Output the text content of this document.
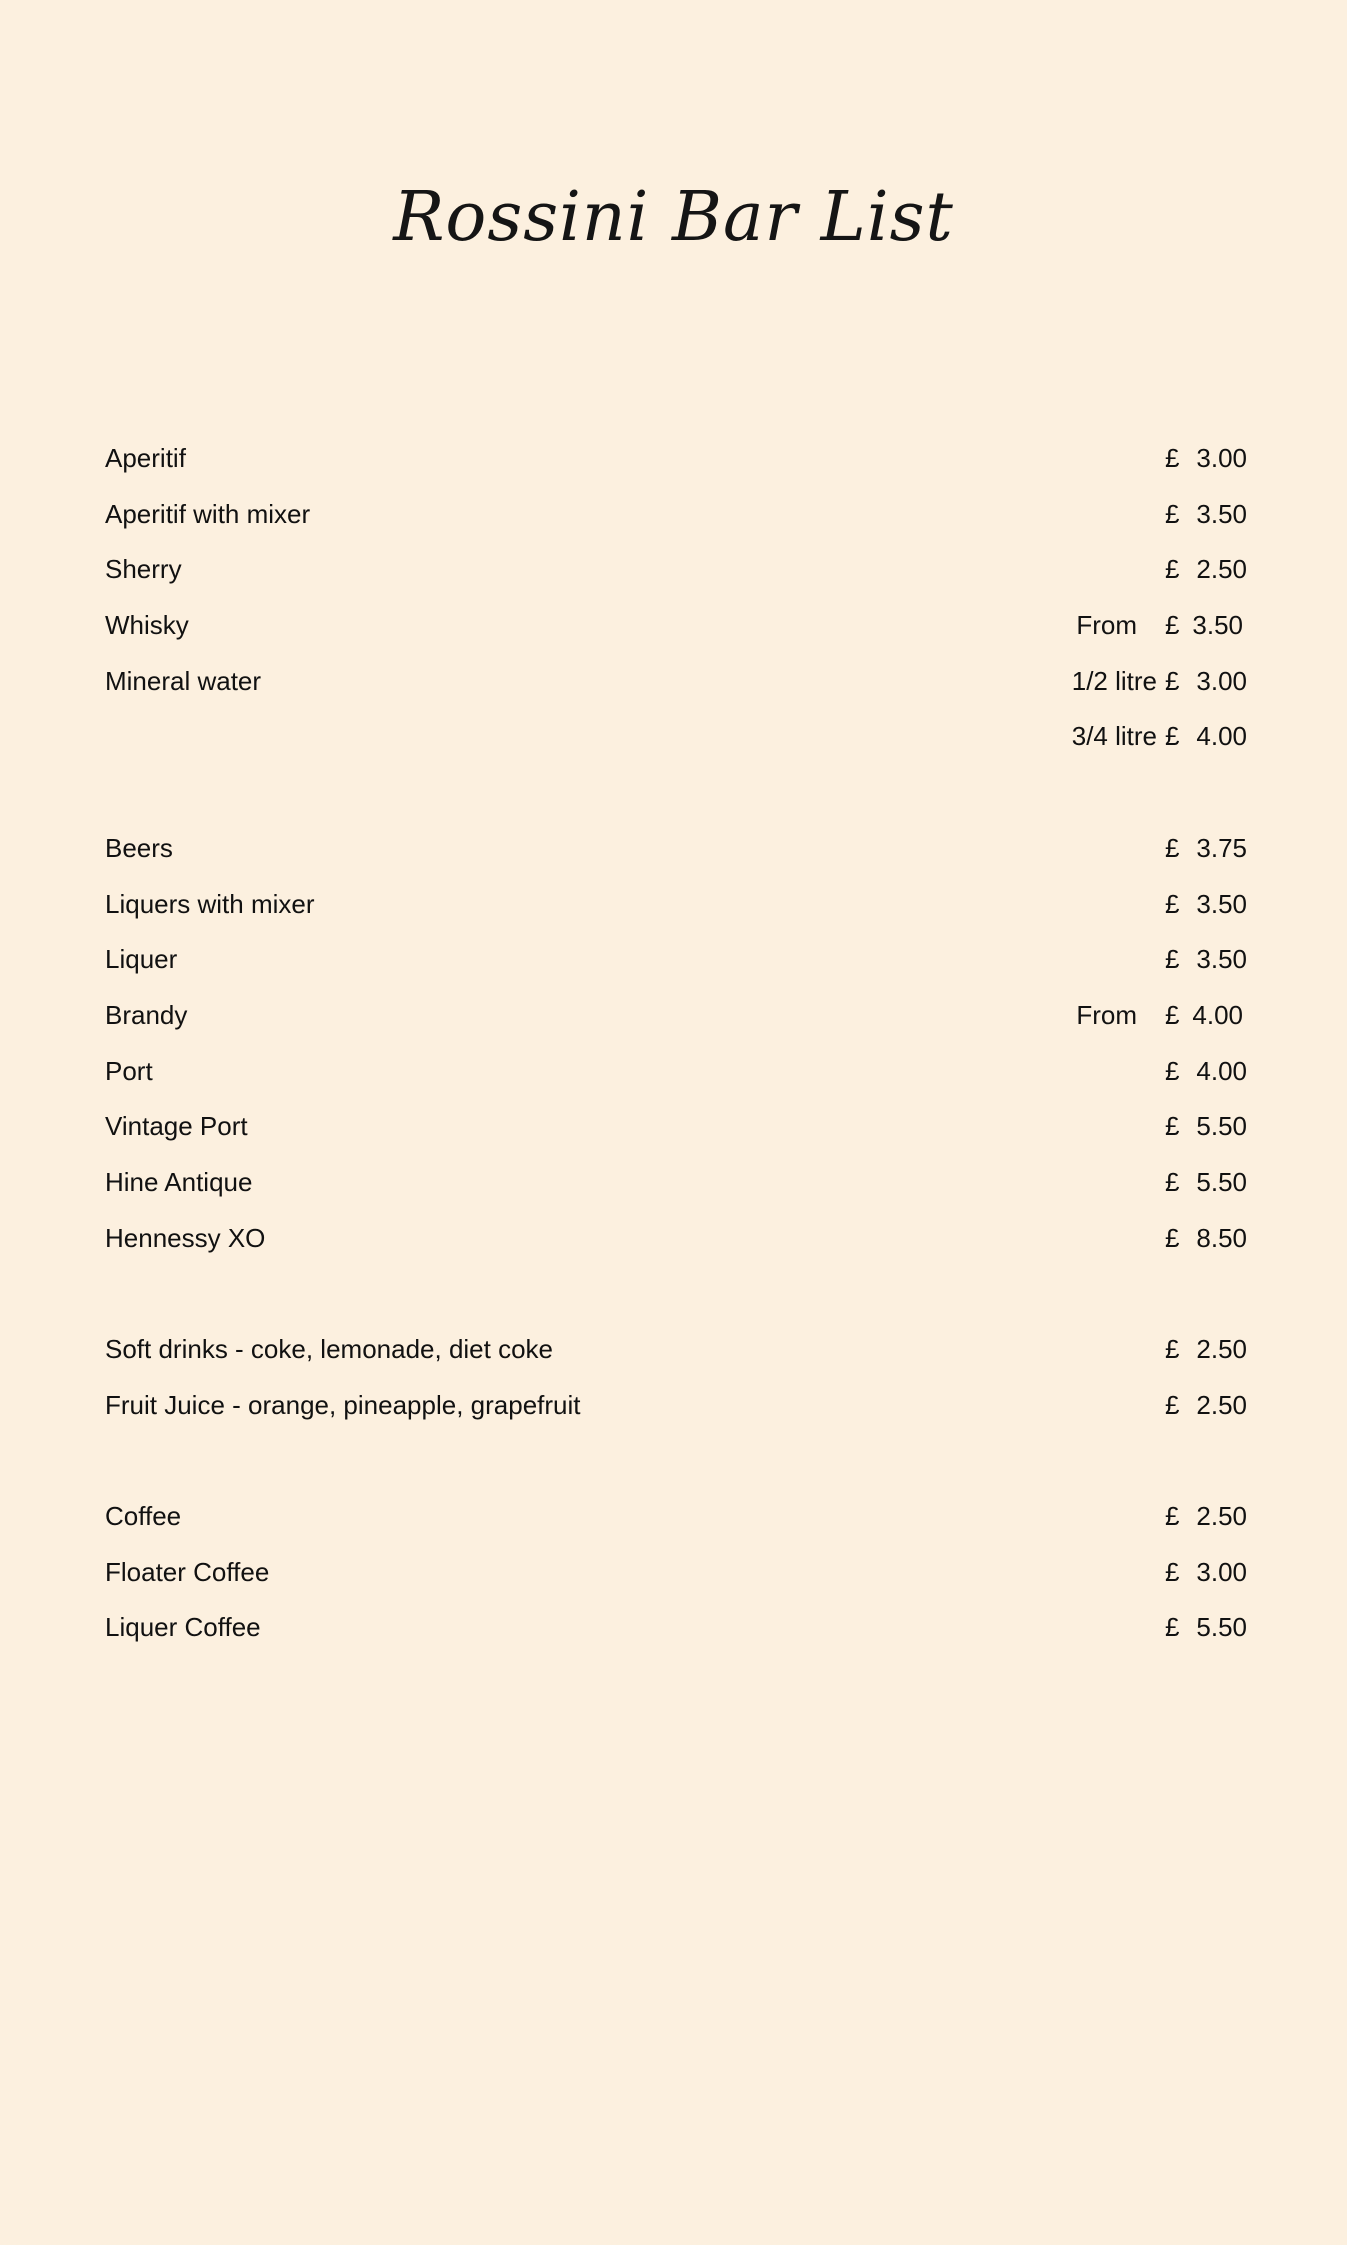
Rossini Bar List
Aperitif	£ 3.00
Aperitif with mixer	£ 3.50
Sherry	£ 2.50
Whisky	From £ 3.50
Mineral water	1/2 litre £ 3.00
3/4 litre £ 4.00
Beers	£ 3.75
Liquers with mixer	£ 3.50
Liquer	£ 3.50
Brandy	From £ 4.00
Port	£ 4.00
Vintage Port	£ 5.50
Hine Antique	£ 5.50
Hennessy XO	£ 8.50
Soft drinks - coke, lemonade, diet coke	£ 2.50
Fruit Juice - orange, pineapple, grapefruit	£ 2.50
Coffee	£ 2.50
Floater Coffee	£ 3.00
Liquer Coffee	£ 5.50
